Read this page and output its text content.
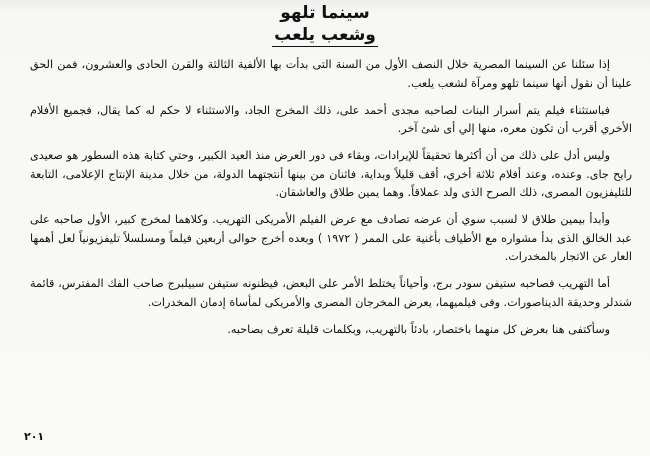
سينما تلهو

وشعب يلعب

إذا سئلنا عن السينما المصرية خلال النصف الأول من السنة التى بدأت بها الألفية الثالثة والقرن الحادى والعشرون، فمن الحق علينا أن نقول أنها سينما تلهو ومرآة لشعب يلعب.

فباستثناء فيلم يتم أسرار البنات لصاحبه مجدى أحمد على، ذلك المخرج الجاد، والاستثناء لا حكم له كما يقال، فجميع الأفلام الأخري أقرب أن تكون معره، منها إلي أى شئ آخر.

وليس أدل على ذلك من أن أكثرها تحقيقاً للإيرادات، وبقاء فى دور العرض منذ العيد الكبير، وحتي كتابة هذه السطور هو صعيدى رايح جاى. وعنده، وعند أفلام ثلاثة أخري، أقف قليلاً وبداية، فاثنان من بينها أنتجتهما الدولة، من خلال مدينة الإنتاج الإعلامى، التابعة للتليفزيون المصرى، ذلك الصرح الذى ولد عملاقاً. وهما يمين طلاق والعاشقان.

وأبدأ بيمين طلاق لا لسبب سوي أن عرضه تصادف مع عرض الفيلم الأمريكى التهريب. وكلاهما لمخرج كبير، الأول صاحبه على عبد الخالق الذى بدأ مشواره مع الأطياف بأغنية على الممر ( ١٩٧٢ ) وبعده أخرج حوالى أربعين فيلماً ومسلسلاً تليفزيونياً لعل أهمها العار عن الاتجار بالمخدرات.

أما التهريب فصاحبه ستيفن سودر برج، وأحياناً يختلط الأمر على البعض، فيظنونه ستيفن سبيلبرج صاحب الفك المفترس، قائمة شندلر وحديقة الديناصورات. وفى فيلميهما، يعرض المخرجان المصرى والأمريكى لمأساة إدمان المخدرات.

وسأكتفى هنا بعرض كل منهما باختصار، بادئاً بالتهريب، وبكلمات قليلة تعرف بصاحبه.

٢٠١
